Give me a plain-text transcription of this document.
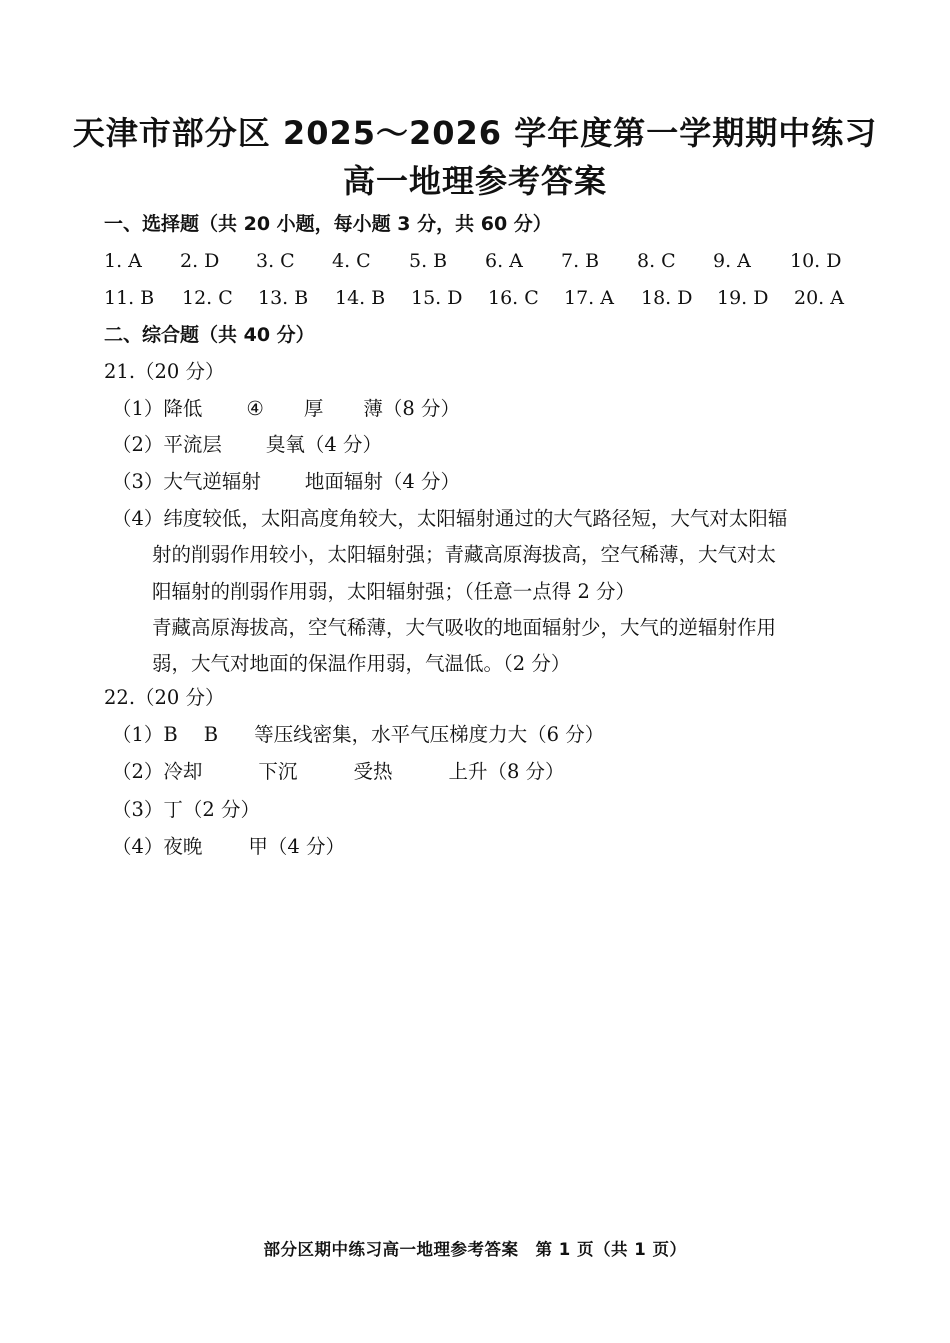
天津市部分区 2025～2026 学年度第一学期期中练习
高一地理参考答案
一、选择题（共 20 小题，每小题 3 分，共 60 分）
1. A 2. D 3. C 4. C 5. B 6. A 7. B 8. C 9. A 10. D
11. B 12. C 13. B 14. B 15. D 16. C 17. A 18. D 19. D 20. A
二、综合题（共 40 分）
21.（20 分）
（1）降低 ④ 厚 薄（8 分）
（2）平流层 臭氧（4 分）
（3）大气逆辐射 地面辐射（4 分）
（4）纬度较低，太阳高度角较大，太阳辐射通过的大气路径短，大气对太阳辐
射的削弱作用较小，太阳辐射强；青藏高原海拔高，空气稀薄，大气对太
阳辐射的削弱作用弱，太阳辐射强；（任意一点得 2 分）
青藏高原海拔高，空气稀薄，大气吸收的地面辐射少，大气的逆辐射作用
弱，大气对地面的保温作用弱，气温低。（2 分）
22.（20 分）
（1）B B 等压线密集，水平气压梯度力大（6 分）
（2）冷却	下沉	受热	上升（8 分）
（3）丁（2 分）
（4）夜晚 甲（4 分）
部分区期中练习高一地理参考答案　第 1 页（共 1 页）
